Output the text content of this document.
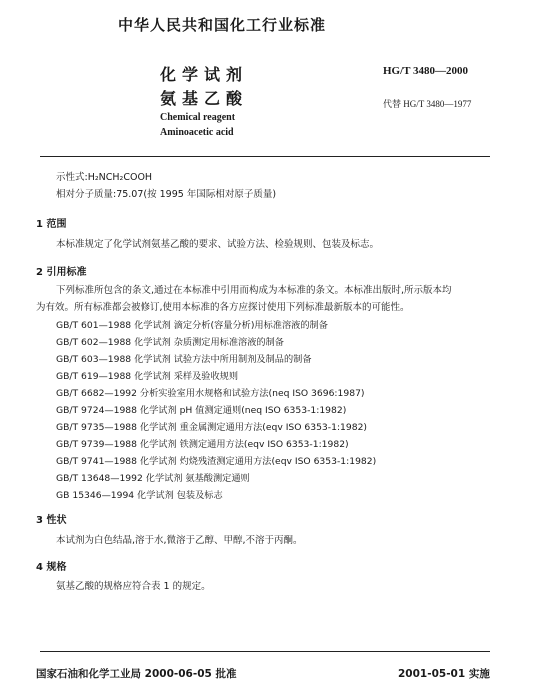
中华人民共和国化工行业标准
化学试剂
氨基乙酸
HG/T 3480—2000
代替 HG/T 3480—1977
Chemical reagent
Aminoacetic acid
示性式:H₂NCH₂COOH
相对分子质量:75.07(按 1995 年国际相对原子质量)
1 范围
本标准规定了化学试剂氨基乙酸的要求、试验方法、检验规则、包装及标志。
2 引用标准
下列标准所包含的条文,通过在本标准中引用而构成为本标准的条文。本标准出版时,所示版本均
为有效。所有标准都会被修订,使用本标准的各方应探讨使用下列标准最新版本的可能性。
GB/T 601—1988 化学试剂 滴定分析(容量分析)用标准溶液的制备
GB/T 602—1988 化学试剂 杂质测定用标准溶液的制备
GB/T 603—1988 化学试剂 试验方法中所用制剂及制品的制备
GB/T 619—1988 化学试剂 采样及验收规则
GB/T 6682—1992 分析实验室用水规格和试验方法(neq ISO 3696:1987)
GB/T 9724—1988 化学试剂 pH 值测定通则(neq ISO 6353-1:1982)
GB/T 9735—1988 化学试剂 重金属测定通用方法(eqv ISO 6353-1:1982)
GB/T 9739—1988 化学试剂 铁测定通用方法(eqv ISO 6353-1:1982)
GB/T 9741—1988 化学试剂 灼烧残渣测定通用方法(eqv ISO 6353-1:1982)
GB/T 13648—1992 化学试剂 氨基酸测定通则
GB 15346—1994 化学试剂 包装及标志
3 性状
本试剂为白色结晶,溶于水,微溶于乙醇、甲醇,不溶于丙酮。
4 规格
氨基乙酸的规格应符合表 1 的规定。
国家石油和化学工业局 2000-06-05 批准	2001-05-01 实施
